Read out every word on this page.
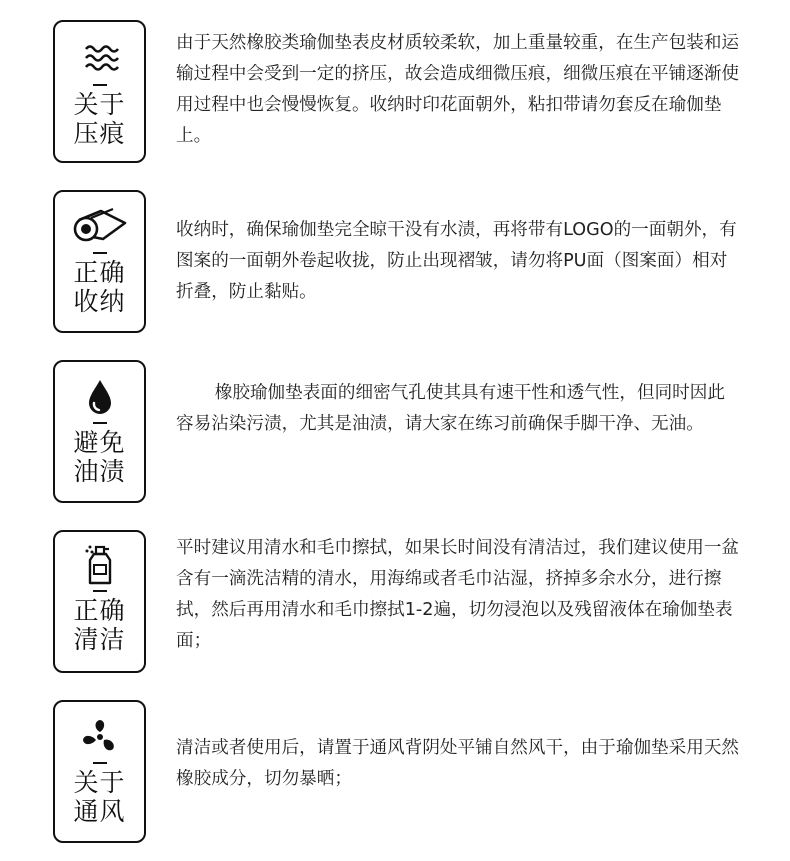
关于
压痕
由于天然橡胶类瑜伽垫表皮材质较柔软，加上重量较重，在生产包装和运输过程中会受到一定的挤压，故会造成细微压痕，细微压痕在平铺逐渐使用过程中也会慢慢恢复。收纳时印花面朝外，粘扣带请勿套反在瑜伽垫上。
正确
收纳
收纳时，确保瑜伽垫完全晾干没有水渍，再将带有LOGO的一面朝外，有图案的一面朝外卷起收拢，防止出现褶皱，请勿将PU面（图案面）相对折叠，防止黏贴。
避免
油渍
橡胶瑜伽垫表面的细密气孔使其具有速干性和透气性，但同时因此容易沾染污渍，尤其是油渍，请大家在练习前确保手脚干净、无油。
正确
清洁
平时建议用清水和毛巾擦拭，如果长时间没有清洁过，我们建议使用一盆含有一滴洗洁精的清水，用海绵或者毛巾沾湿，挤掉多余水分，进行擦拭，然后再用清水和毛巾擦拭1-2遍，切勿浸泡以及残留液体在瑜伽垫表面；
关于
通风
清洁或者使用后，请置于通风背阴处平铺自然风干，由于瑜伽垫采用天然橡胶成分，切勿暴晒；
